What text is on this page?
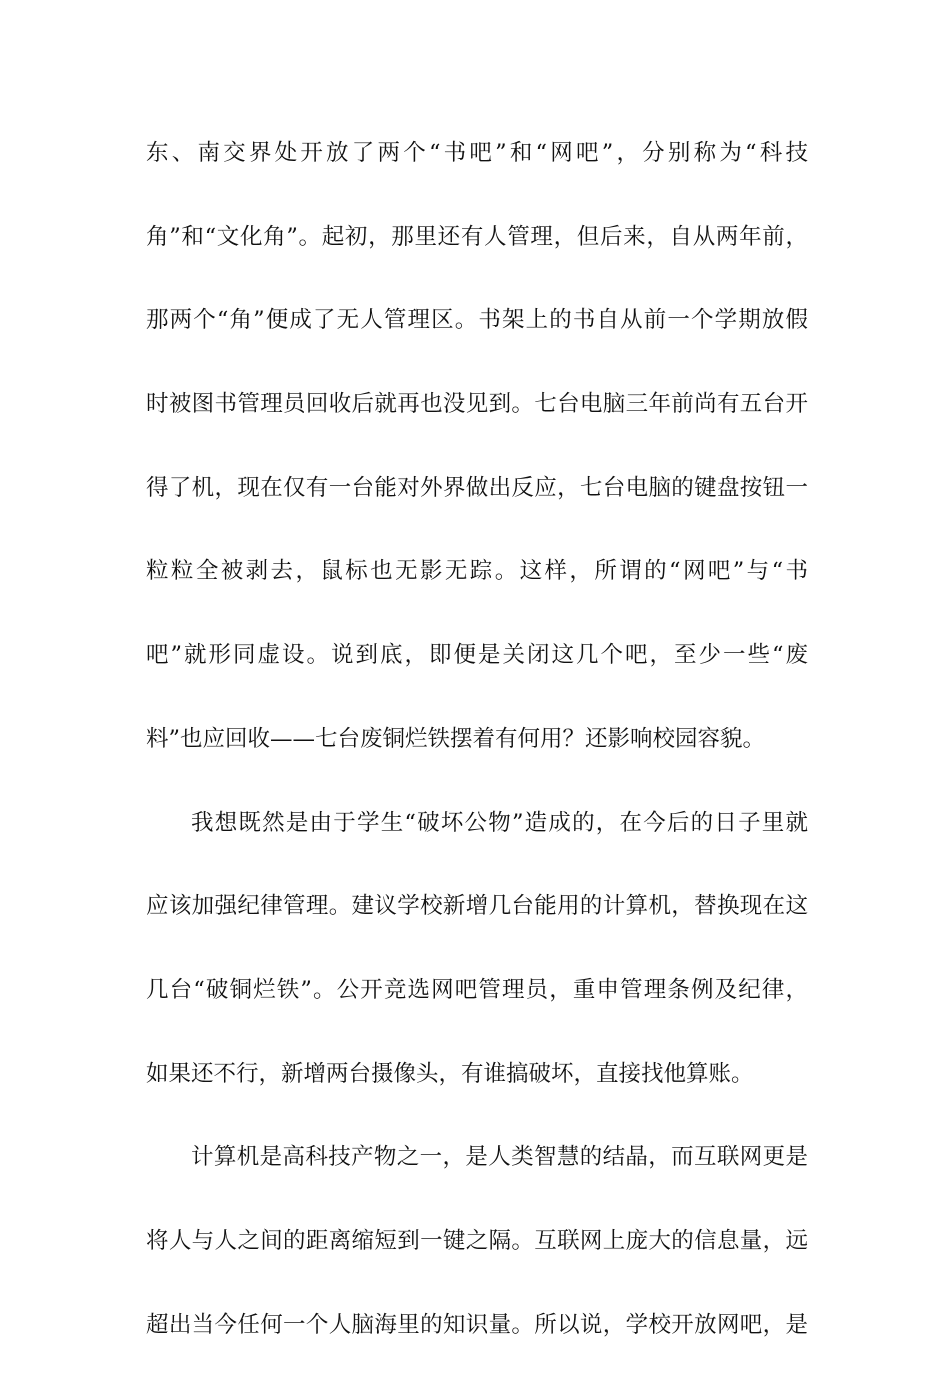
东、南交界处开放了两个“书吧”和“网吧”，分别称为“科技
角”和“文化角”。起初，那里还有人管理，但后来，自从两年前，
那两个“角”便成了无人管理区。书架上的书自从前一个学期放假
时被图书管理员回收后就再也没见到。七台电脑三年前尚有五台开
得了机，现在仅有一台能对外界做出反应，七台电脑的键盘按钮一
粒粒全被剥去，鼠标也无影无踪。这样，所谓的“网吧”与“书
吧”就形同虚设。说到底，即便是关闭这几个吧，至少一些“废
料”也应回收——七台废铜烂铁摆着有何用？还影响校园容貌。
我想既然是由于学生“破坏公物”造成的，在今后的日子里就
应该加强纪律管理。建议学校新增几台能用的计算机，替换现在这
几台“破铜烂铁”。公开竞选网吧管理员，重申管理条例及纪律，
如果还不行，新增两台摄像头，有谁搞破坏，直接找他算账。
计算机是高科技产物之一，是人类智慧的结晶，而互联网更是
将人与人之间的距离缩短到一键之隔。互联网上庞大的信息量，远
超出当今任何一个人脑海里的知识量。所以说，学校开放网吧，是
